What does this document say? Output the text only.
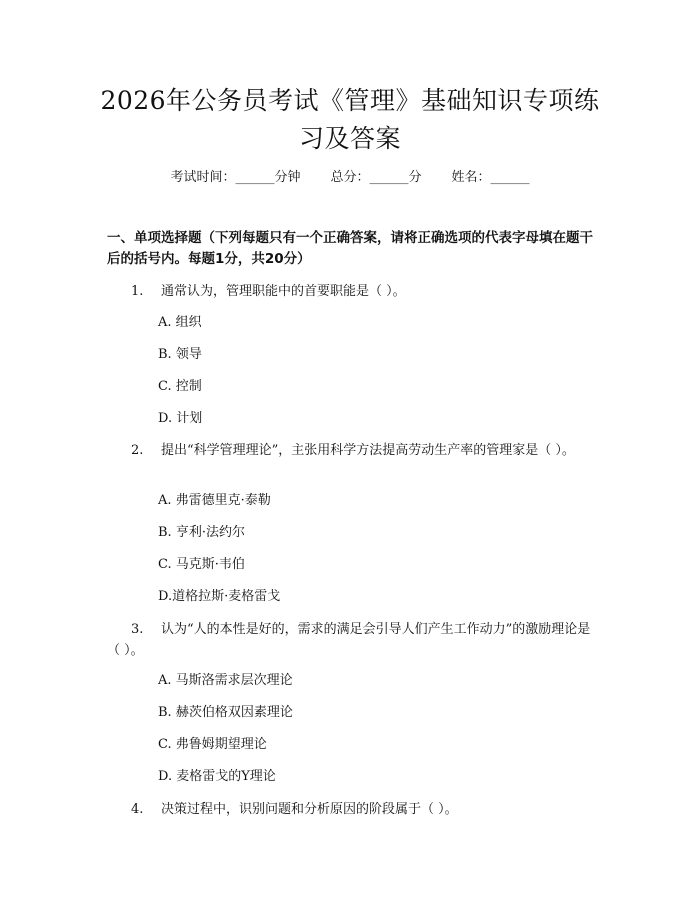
2026年公务员考试《管理》基础知识专项练
习及答案
考试时间：______分钟 总分：______分 姓名：______

一、单项选择题（下列每题只有一个正确答案，请将正确选项的代表字母填在题干后的括号内。每题1分，共20分）

1. 通常认为，管理职能中的首要职能是（ ）。

A. 组织

B. 领导

C. 控制

D. 计划

2. 提出“科学管理理论”，主张用科学方法提高劳动生产率的管理家是（ ）。

A. 弗雷德里克·泰勒

B. 亨利·法约尔

C. 马克斯·韦伯

D.道格拉斯·麦格雷戈

3. 认为“人的本性是好的，需求的满足会引导人们产生工作动力”的激励理论是（ ）。

A. 马斯洛需求层次理论

B. 赫茨伯格双因素理论

C. 弗鲁姆期望理论

D. 麦格雷戈的Y理论

4. 决策过程中，识别问题和分析原因的阶段属于（ ）。
